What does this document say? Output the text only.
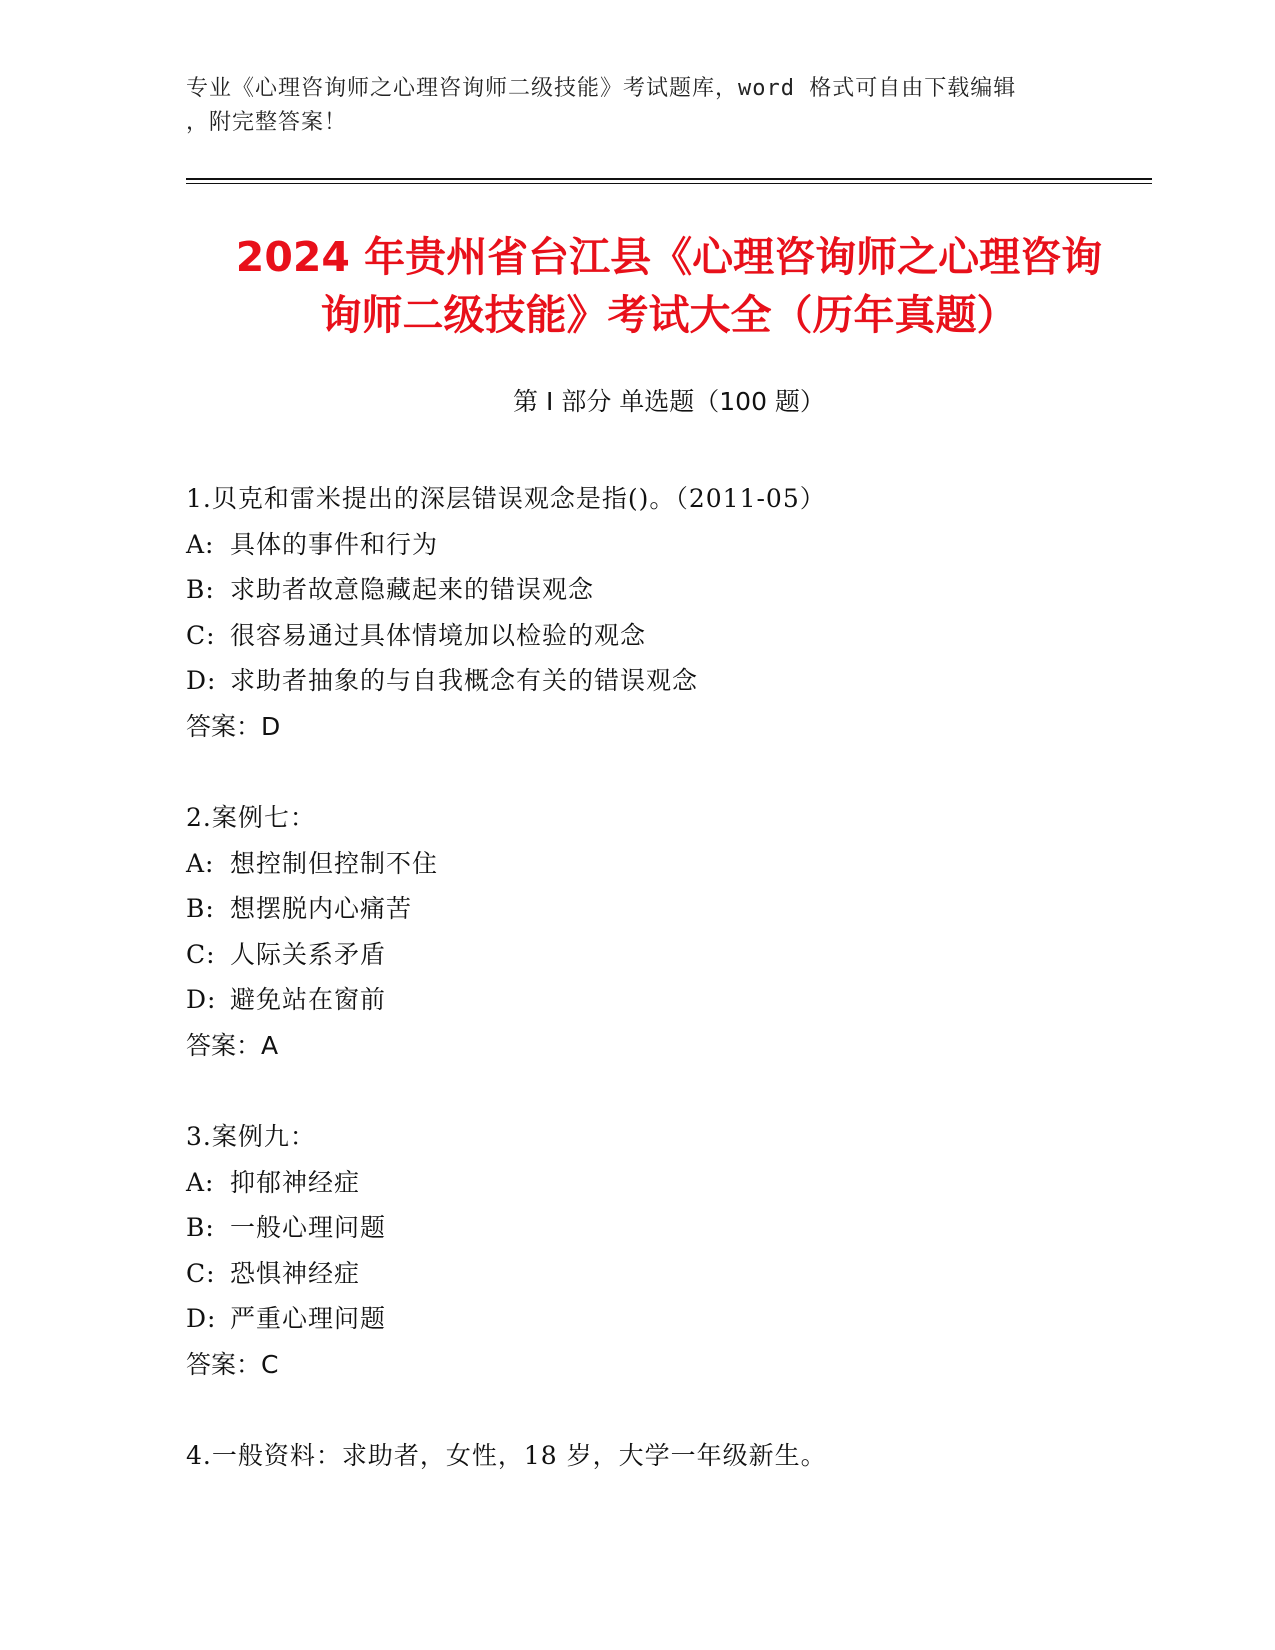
专业《心理咨询师之心理咨询师二级技能》考试题库，word 格式可自由下载编辑
，附完整答案！
2024 年贵州省台江县《心理咨询师之心理咨询
询师二级技能》考试大全（历年真题）
第 I 部分 单选题（100 题）
1.贝克和雷米提出的深层错误观念是指()。（2011-05）
A: 具体的事件和行为
B: 求助者故意隐藏起来的错误观念
C: 很容易通过具体情境加以检验的观念
D: 求助者抽象的与自我概念有关的错误观念
答案：D
2.案例七：
A: 想控制但控制不住
B: 想摆脱内心痛苦
C: 人际关系矛盾
D: 避免站在窗前
答案：A
3.案例九：
A: 抑郁神经症
B: 一般心理问题
C: 恐惧神经症
D: 严重心理问题
答案：C
4.一般资料：求助者，女性，18 岁，大学一年级新生。
